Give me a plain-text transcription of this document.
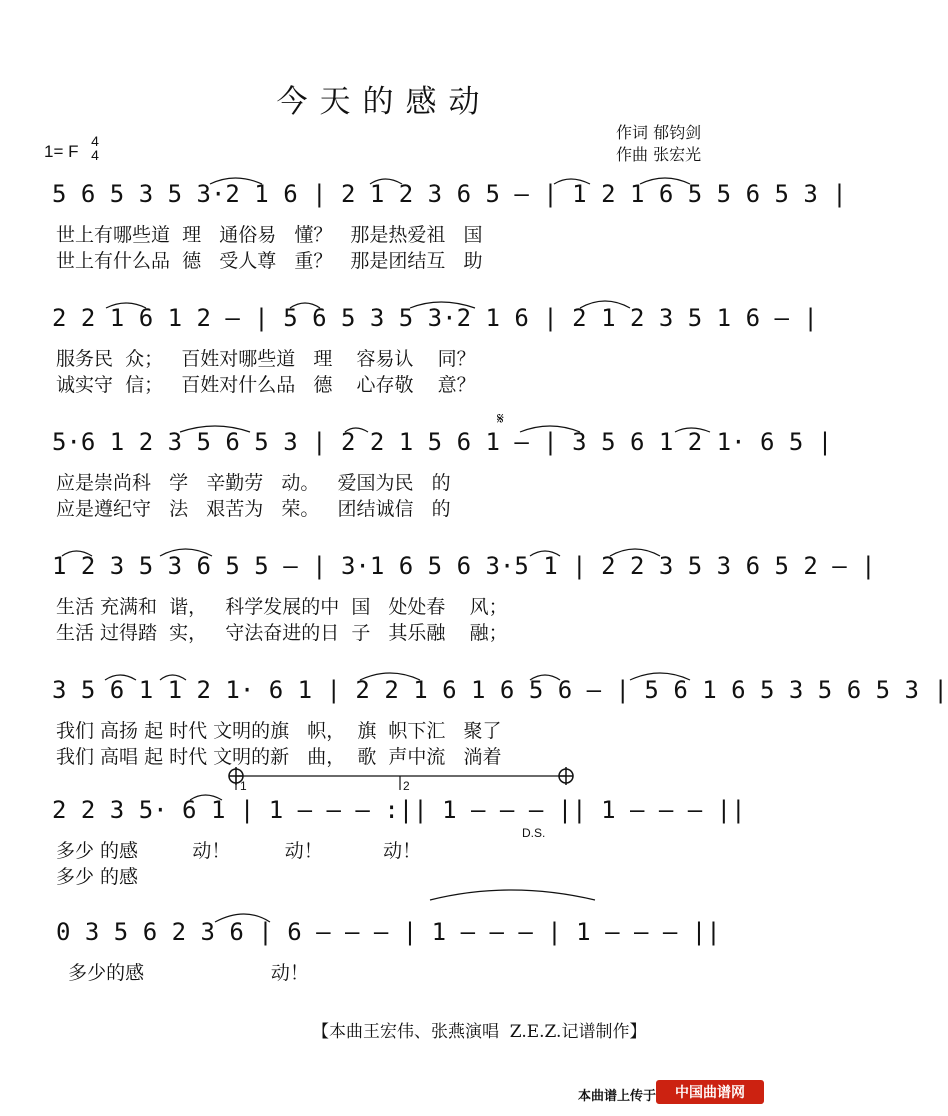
今天的感动
1= F
4
4
作词 郁钧剑
作曲 张宏光
5 6 5 3 5 3·2 1 6 | 2 1 2 3 6 5 – | 1 2 1 6 5 5 6 5 3 |
世上有哪些道  理   通俗易   懂？   那是热爱祖   国
世上有什么品  德   受人尊   重？   那是团结互   助
2 2 1 6 1 2 – | 5 6 5 3 5 3·2 1 6 | 2 1 2 3 5 1 6 – |
服务民  众；   百姓对哪些道   理    容易认    同？
诚实守  信；   百姓对什么品   德    心存敬    意？
5·6 1 2 3 5 6 5 3 | 2 2 1 5 6 1 – | 3 5 6 1 2 1· 6 5 |
应是崇尚科   学   辛勤劳   动。   爱国为民   的
应是遵纪守   法   艰苦为   荣。   团结诚信   的
1 2 3 5 3 6 5 5 – | 3·1 6 5 6 3·5 1 | 2 2 3 5 3 6 5 2 – |
生活 充满和  谐，   科学发展的中  国   处处春    风；
生活 过得踏  实，   守法奋进的日  子   其乐融    融；
3 5 6 1 1 2 1· 6 1 | 2 2 1 6 1 6 5 6 – | 5 6 1 6 5 3 5 6 5 3 |
我们 高扬 起 时代 文明的旗   帜，  旗  帜下汇   聚了
我们 高唱 起 时代 文明的新   曲，  歌  声中流   淌着
2 2 3 5· 6 1 | 1 – – – :|| 1 – – – || 1 – – – ||
多少 的感         动！         动！          动！
多少 的感
D.S.
1	2
0 3 5 6 2 3 6 | 6 – – – | 1 – – – | 1 – – – ||
多少的感                     动！
【本曲王宏伟、张燕演唱  Z.E.Z.记谱制作】
本曲谱上传于	中国曲谱网
𝄋
